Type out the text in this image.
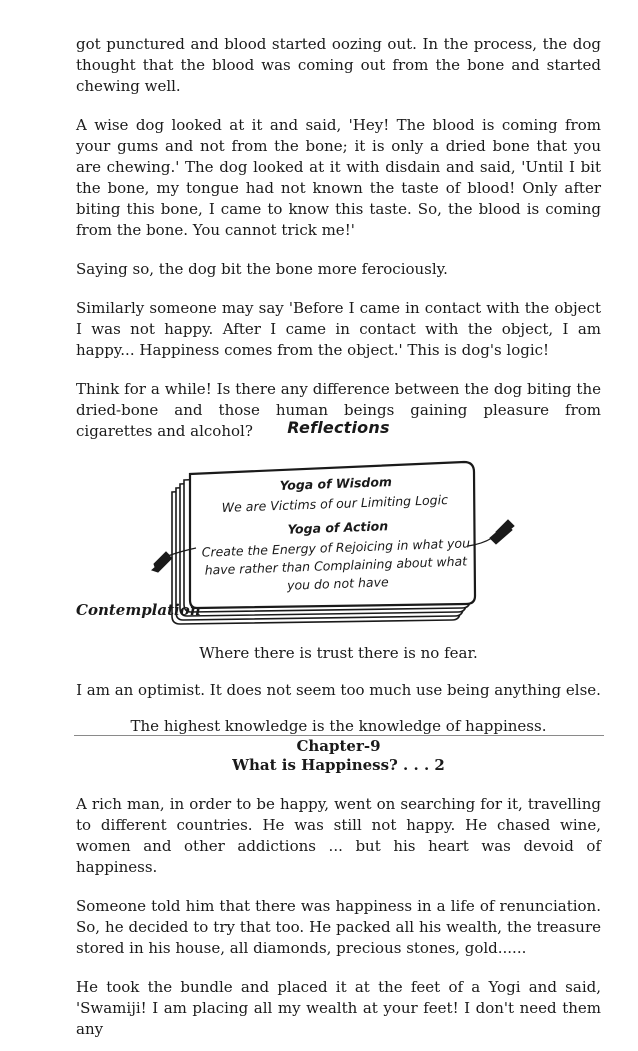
got punctured and blood started oozing out. In the process, the dog thought that the blood was coming out from the bone and started chewing well.

A wise dog looked at it and said, 'Hey! The blood is coming from your gums and not from the bone; it is only a dried bone that you are chewing.' The dog looked at it with disdain and said, 'Until I bit the bone, my tongue had not known the taste of blood! Only after biting this bone, I came to know this taste. So, the blood is coming from the bone. You cannot trick me!'

Saying so, the dog bit the bone more ferociously.

Similarly someone may say 'Before I came in contact with the object I was not happy. After I came in contact with the object, I am happy... Happiness comes from the object.' This is dog's logic!

Think for a while! Is there any difference between the dog biting the dried-bone and those human beings gaining pleasure from cigarettes and alcohol?	Reflections
Yoga of Wisdom
We are Victims of our Limiting Logic
Yoga of Action
Create the Energy of Rejoicing in what you
have rather than Complaining about what
you do not have
Contemplation
Where there is trust there is no fear.
I am an optimist. It does not seem too much use being anything else.
The highest knowledge is the knowledge of happiness.
Chapter-9
What is Happiness? . . . 2

A rich man, in order to be happy, went on searching for it, travelling to different countries. He was still not happy. He chased wine, women and other addictions ... but his heart was devoid of happiness.

Someone told him that there was happiness in a life of renunciation. So, he decided to try that too. He packed all his wealth, the treasure stored in his house, all diamonds, precious stones, gold......

He took the bundle and placed it at the feet of a Yogi and said, 'Swamiji! I am placing all my wealth at your feet! I don't need them any
